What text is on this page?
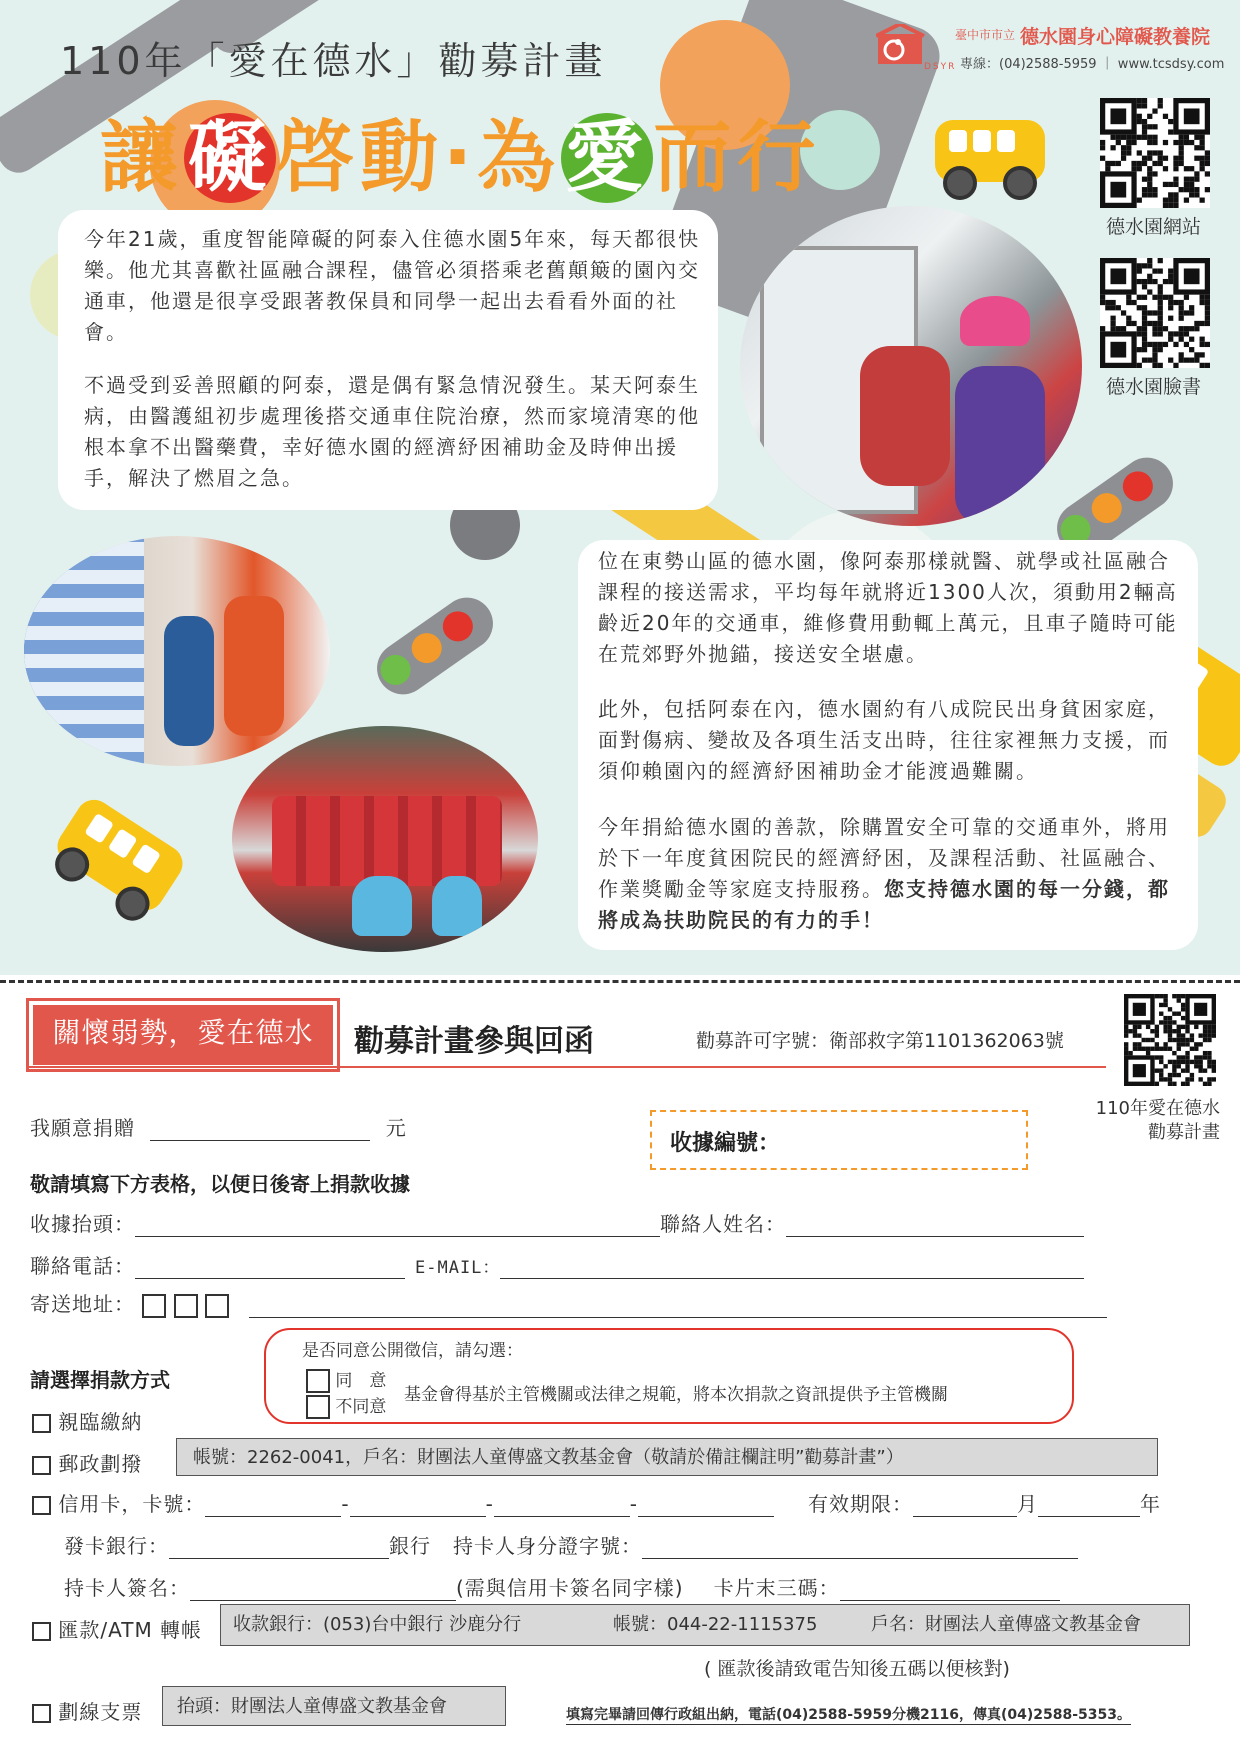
110年「愛在德水」勸募計畫
讓礙啓動‧為愛而行
DSYR
臺中市市立 德水園身心障礙教養院
專線：(04)2588-5959 ｜ www.tcsdsy.com
德水園網站
德水園臉書

今年21歲，重度智能障礙的阿泰入住德水園5年來，每天都很快樂。他尤其喜歡社區融合課程，儘管必須搭乘老舊顛簸的園內交通車，他還是很享受跟著教保員和同學一起出去看看外面的社會。

不過受到妥善照顧的阿泰，還是偶有緊急情況發生。某天阿泰生病，由醫護組初步處理後搭交通車住院治療，然而家境清寒的他根本拿不出醫藥費，幸好德水園的經濟紓困補助金及時伸出援手，解決了燃眉之急。

位在東勢山區的德水園，像阿泰那樣就醫、就學或社區融合課程的接送需求，平均每年就將近1300人次，須動用2輛高齡近20年的交通車，維修費用動輒上萬元，且車子隨時可能在荒郊野外拋錨，接送安全堪慮。

此外，包括阿泰在內，德水園約有八成院民出身貧困家庭，面對傷病、變故及各項生活支出時，往往家裡無力支援，而須仰賴園內的經濟紓困補助金才能渡過難關。

今年捐給德水園的善款，除購置安全可靠的交通車外，將用於下一年度貧困院民的經濟紓困，及課程活動、社區融合、作業獎勵金等家庭支持服務。您支持德水園的每一分錢，都將成為扶助院民的有力的手！

關懷弱勢，愛在德水	勸募計畫參與回函	勸募許可字號：衛部救字第1101362063號
110年愛在德水
勸募計畫
我願意捐贈	元
收據編號：
敬請填寫下方表格，以便日後寄上捐款收據
收據抬頭：	聯絡人姓名：
聯絡電話：	E-MAIL：
寄送地址：
是否同意公開徵信，請勾選：
同　意
不同意
基金會得基於主管機關或法律之規範，將本次捐款之資訊提供予主管機關
請選擇捐款方式
親臨繳納
郵政劃撥	帳號：2262-0041，戶名：財團法人童傳盛文教基金會（敬請於備註欄註明”勸募計畫”）
信用卡，卡號：	-	-	-	有效期限：	月	年
發卡銀行：	銀行 持卡人身分證字號：
持卡人簽名：	(需與信用卡簽名同字樣) 卡片末三碼：
匯款/ATM 轉帳 收款銀行：(053)台中銀行 沙鹿分行	帳號：044-22-1115375	戶名：財團法人童傳盛文教基金會
( 匯款後請致電告知後五碼以便核對)
劃線支票	抬頭：財團法人童傳盛文教基金會	填寫完畢請回傳行政組出納，電話(04)2588-5959分機2116，傳真(04)2588-5353。
